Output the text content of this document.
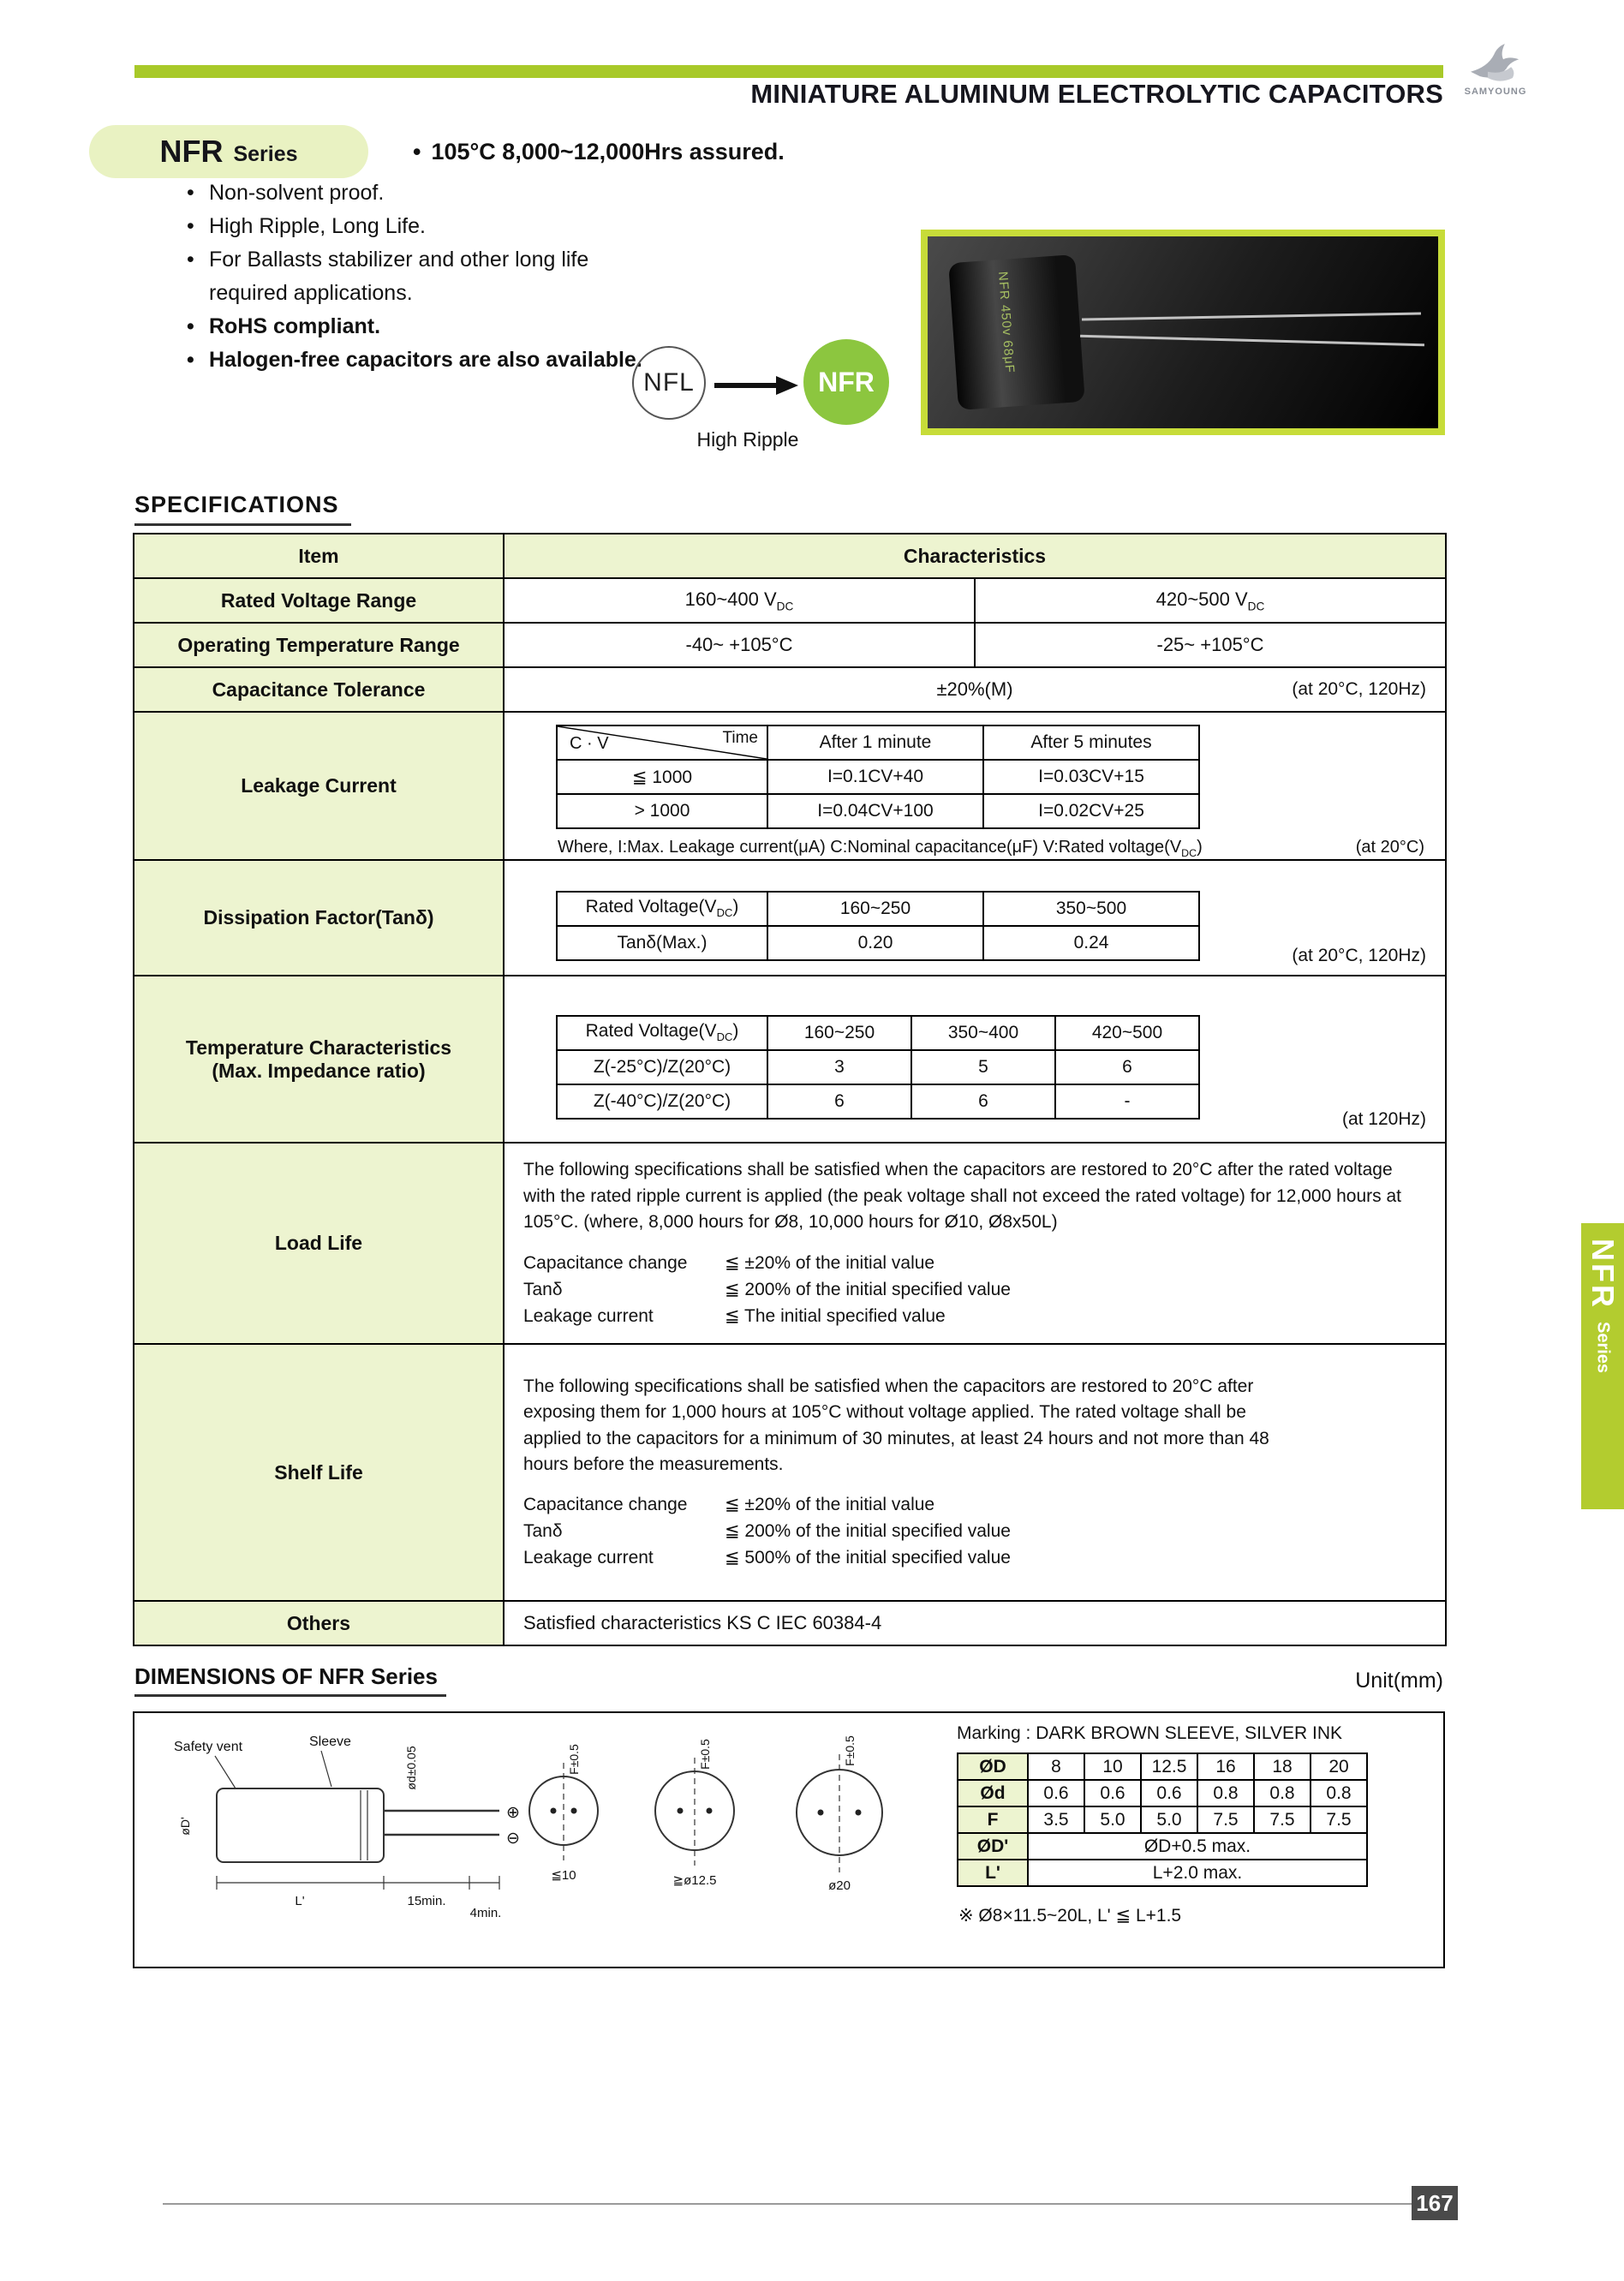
MINIATURE ALUMINUM ELECTROLYTIC CAPACITORS	SAMYOUNG
NFR Series	• 105°C 8,000~12,000Hrs assured.
• Non-solvent proof.
• High Ripple, Long Life.
• For Ballasts stabilizer and other long life
required applications.
• RoHS compliant.
• Halogen-free capacitors are also available.
NFL	NFR
High Ripple
NFR 450v 68μF
SPECIFICATIONS
Item	Characteristics
Rated Voltage Range	160~400 $V_{DC}$	420~500 $V_{DC}$
Operating Temperature Range	-40~ +105°C	-25~ +105°C
Capacitance Tolerance	±20%(M)	(at 20°C, 120Hz)

Leakage Current	
Time
C · V	After 1 minute	After 5 minutes
≦ 1000	I=0.1CV+40	I=0.03CV+15
> 1000	I=0.04CV+100	I=0.02CV+25
Where, I:Max. Leakage current(μA) C:Nominal capacitance(μF) V:Rated $voltage(V_{DC})$	(at 20°C)

Dissipation Factor(Tanδ)		Rated $Voltage(V_{DC})$	160~250	350~500
Tanδ(Max.)	0.20	0.24
(at 20°C, 120Hz)

Temperature Characteristics
(Max. Impedance ratio)

Rated $Voltage(V_{DC})$	160~250	350~400	420~500
Z(-25°C)/Z(20°C)	3	5	6
Z(-40°C)/Z(20°C)	6	6	-
(at 120Hz)

Load Life	
The following specifications shall be satisfied when the capacitors are restored to 20°C after the rated voltage with the rated ripple current is applied (the peak voltage shall not exceed the rated voltage) for 12,000 hours at 105°C. (where, 8,000 hours for Ø8, 10,000 hours for Ø10, Ø8x50L)
Capacitance change	≦ ±20% of the initial value
Tanδ	≦ 200% of the initial specified value
Leakage current	≦ The initial specified value

Shelf Life	
The following specifications shall be satisfied when the capacitors are restored to 20°C after exposing them for 1,000 hours at 105°C without voltage applied. The rated voltage shall be applied to the capacitors for a minimum of 30 minutes, at least 24 hours and not more than 48 hours before the measurements.
Capacitance change	≦ ±20% of the initial value
Tanδ	≦ 200% of the initial specified value
Leakage current	≦ 500% of the initial specified value

Others	Satisfied characteristics KS C IEC 60384-4
DIMENSIONS OF NFR Series	Unit(mm)
Safety vent	Sleeve
⊕
⊖
ød±0.05
øD'
L'	15min.
4min.
F±0.5
≦10
F±0.5
≧ø12.5
F±0.5
ø20
Marking : DARK BROWN SLEEVE, SILVER INK
ØD	8	10	12.5	16	18	20
Ød	0.6	0.6	0.6	0.8	0.8	0.8
F	3.5	5.0	5.0	7.5	7.5	7.5
ØD'	ØD+0.5 max.					
L'	L+2.0 max.					
※ Ø8×11.5~20L, L' ≦ L+1.5
NFR
Series
167
